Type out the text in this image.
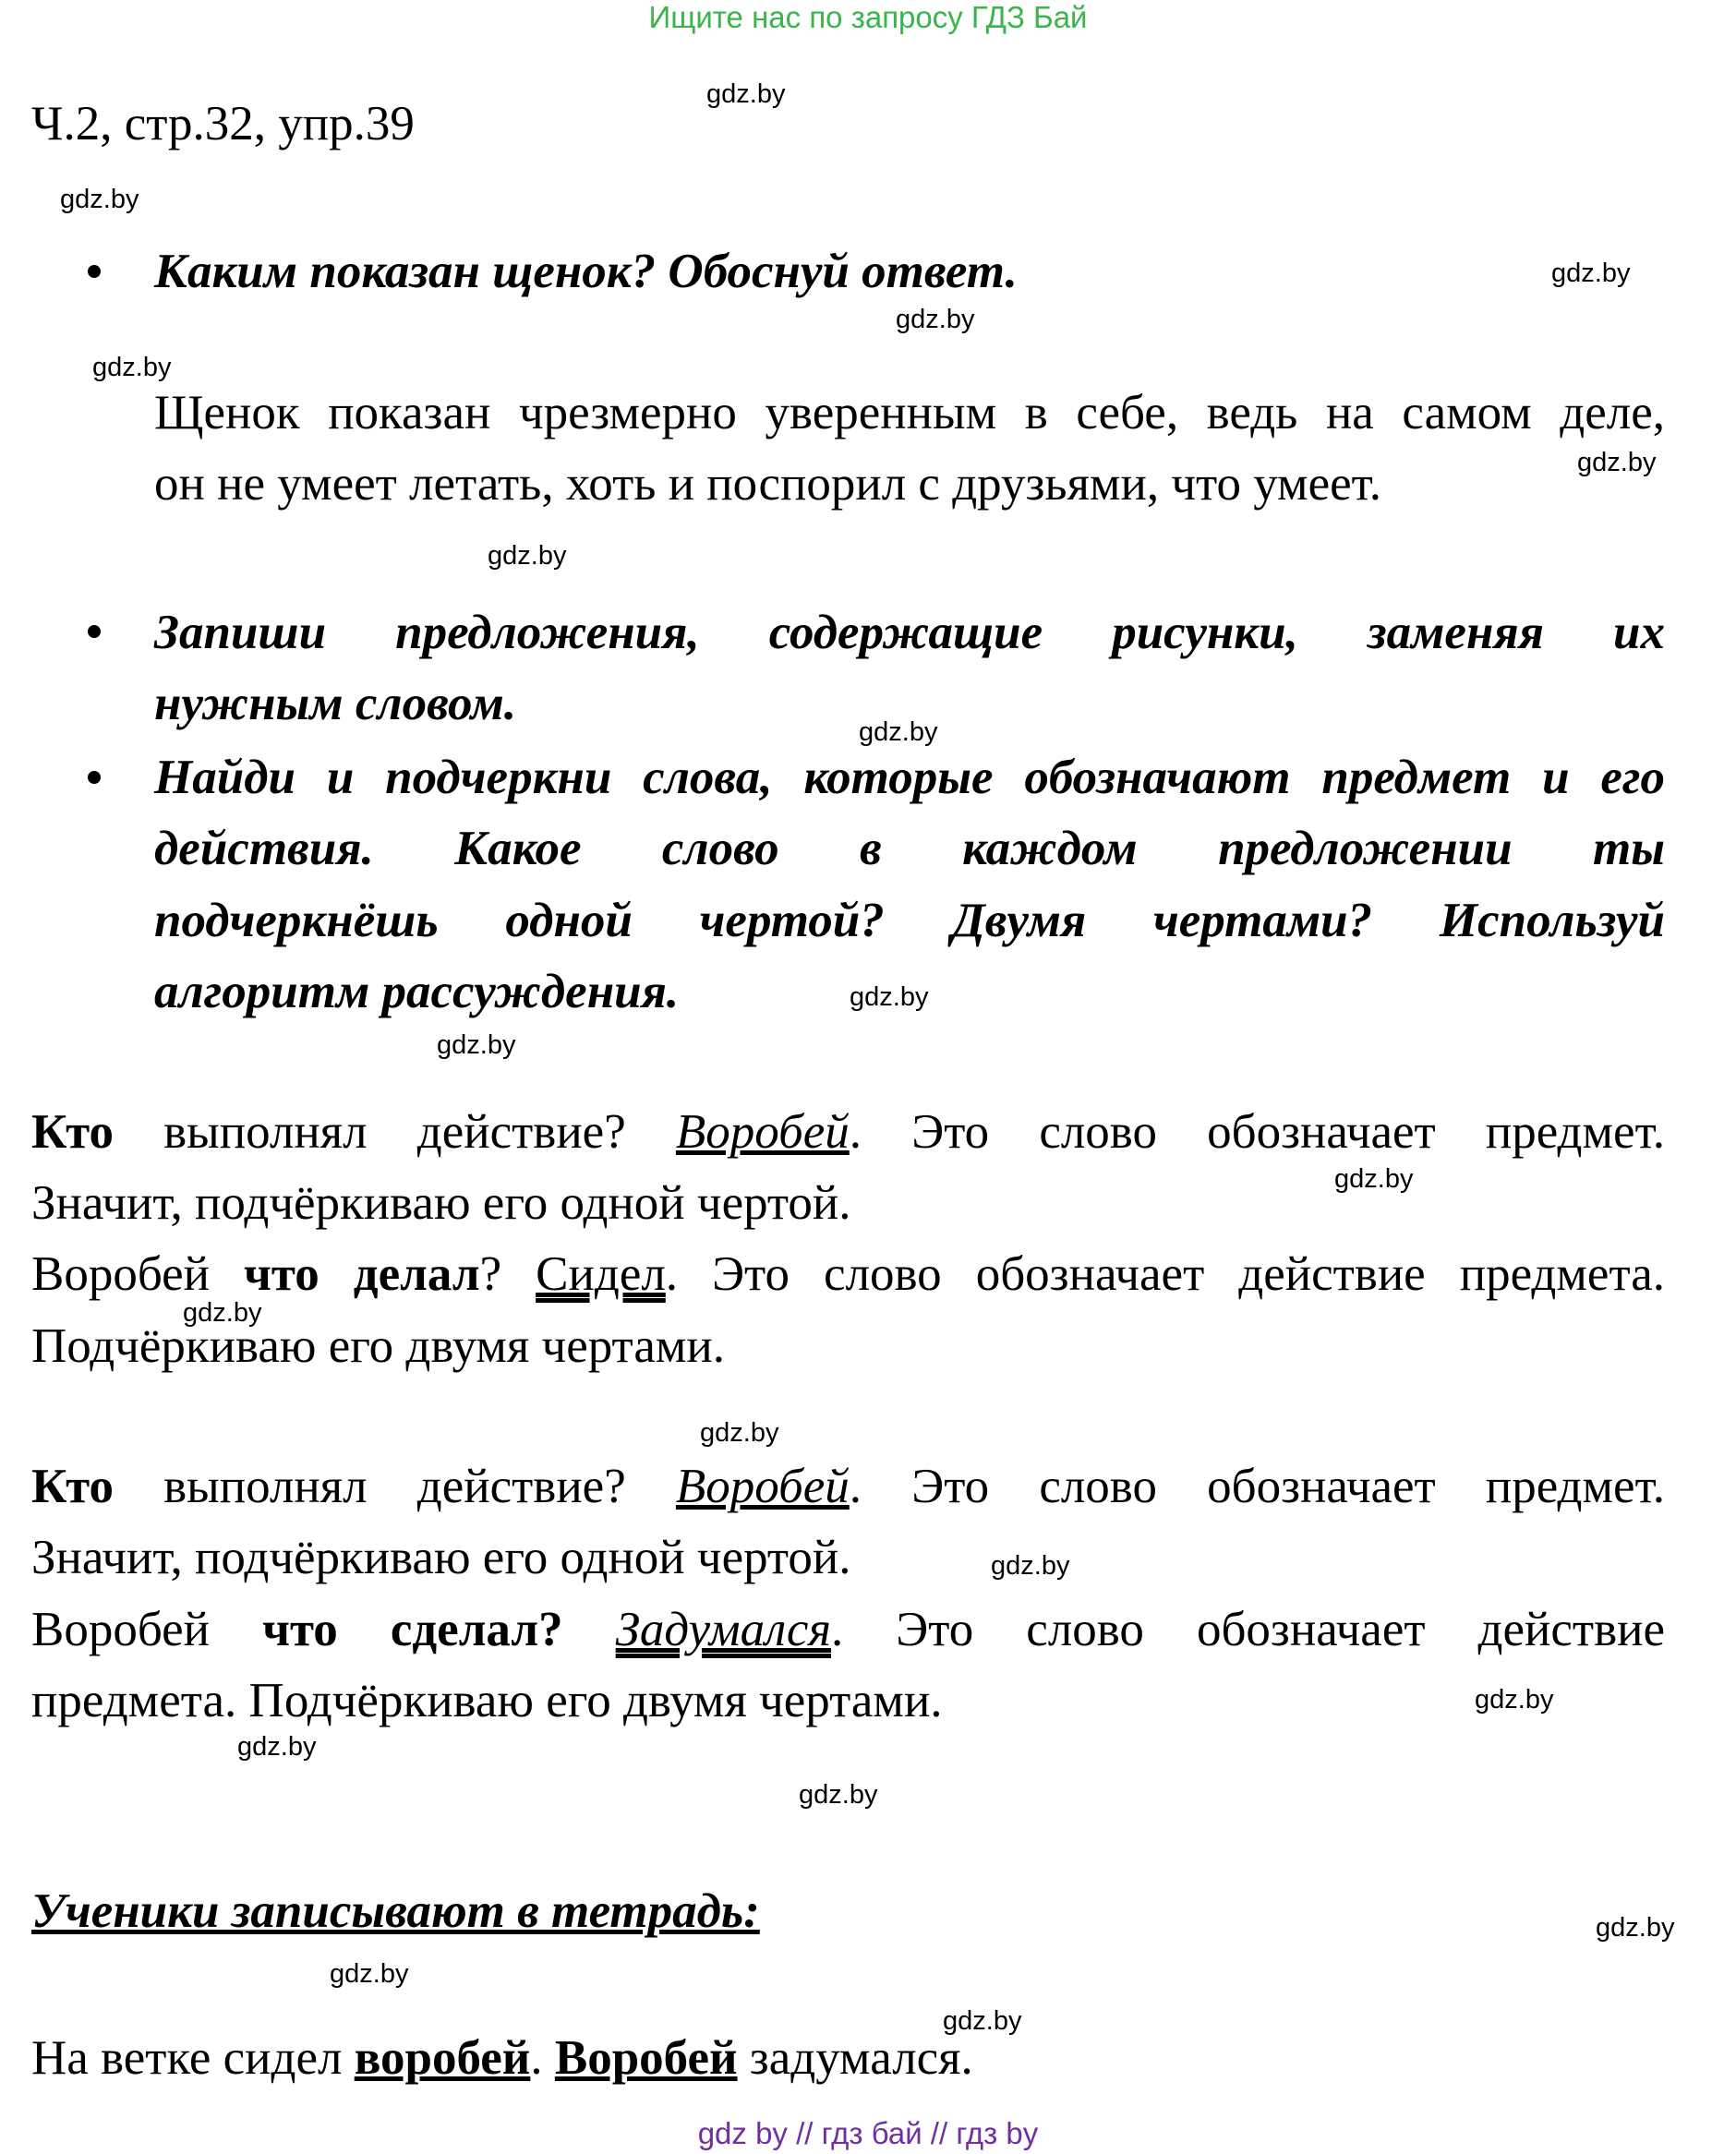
Ищите нас по запросу ГДЗ Бай
Ч.2, стр.32, упр.39
gdz.by
gdz.by
gdz.by
gdz.by
gdz.by
gdz.by
gdz.by
gdz.by
gdz.by
gdz.by
gdz.by
gdz.by
gdz.by
gdz.by
gdz.by
gdz.by
gdz.by
gdz.by
gdz.by
gdz.by
Каким показан щенок? Обоснуй ответ.
Щенок показан чрезмерно уверенным в себе, ведь на самом деле,
он не умеет летать, хоть и поспорил с друзьями, что умеет.
Запиши предложения, содержащие рисунки, заменяя их
нужным словом.
Найди и подчеркни слова, которые обозначают предмет и его
действия. Какое слово в каждом предложении ты
подчеркнёшь одной чертой? Двумя чертами? Используй
алгоритм рассуждения.
Кто выполнял действие? Воробей. Это слово обозначает предмет.
Значит, подчёркиваю его одной чертой.
Воробей что делал? Сидел. Это слово обозначает действие предмета.
Подчёркиваю его двумя чертами.
Кто выполнял действие? Воробей. Это слово обозначает предмет.
Значит, подчёркиваю его одной чертой.
Воробей что сделал? Задумался. Это слово обозначает действие
предмета. Подчёркиваю его двумя чертами.
Ученики записывают в тетрадь:
На ветке сидел воробей. Воробей задумался.
gdz by // гдз бай // гдз by
